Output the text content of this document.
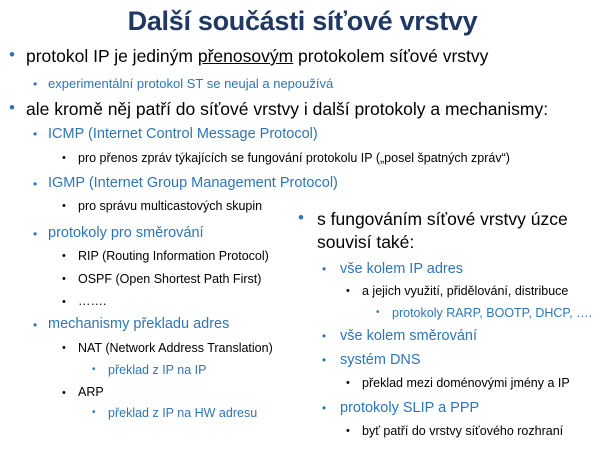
Další součásti síťové vrstvy
• protokol IP je jediným přenosovým protokolem síťové vrstvy
• experimentální protokol ST se neujal a nepoužívá
• ale kromě něj patří do síťové vrstvy i další protokoly a mechanismy:
• ICMP (Internet Control Message Protocol)
• pro přenos zpráv týkajících se fungování protokolu IP („posel špatných zpráv“)
• IGMP (Internet Group Management Protocol)
• pro správu multicastových skupin
• protokoly pro směrování
• RIP (Routing Information Protocol)
• OSPF (Open Shortest Path First)
• …….
• mechanismy překladu adres
• NAT (Network Address Translation)
• překlad z IP na IP
• ARP
• překlad z IP na HW adresu
• s fungováním síťové vrstvy úzce
souvisí také:
• vše kolem IP adres
• a jejich využití, přidělování, distribuce
• protokoly RARP, BOOTP, DHCP, ….
• vše kolem směrování
• systém DNS
• překlad mezi doménovými jmény a IP
• protokoly SLIP a PPP
• byť patří do vrstvy síťového rozhraní
